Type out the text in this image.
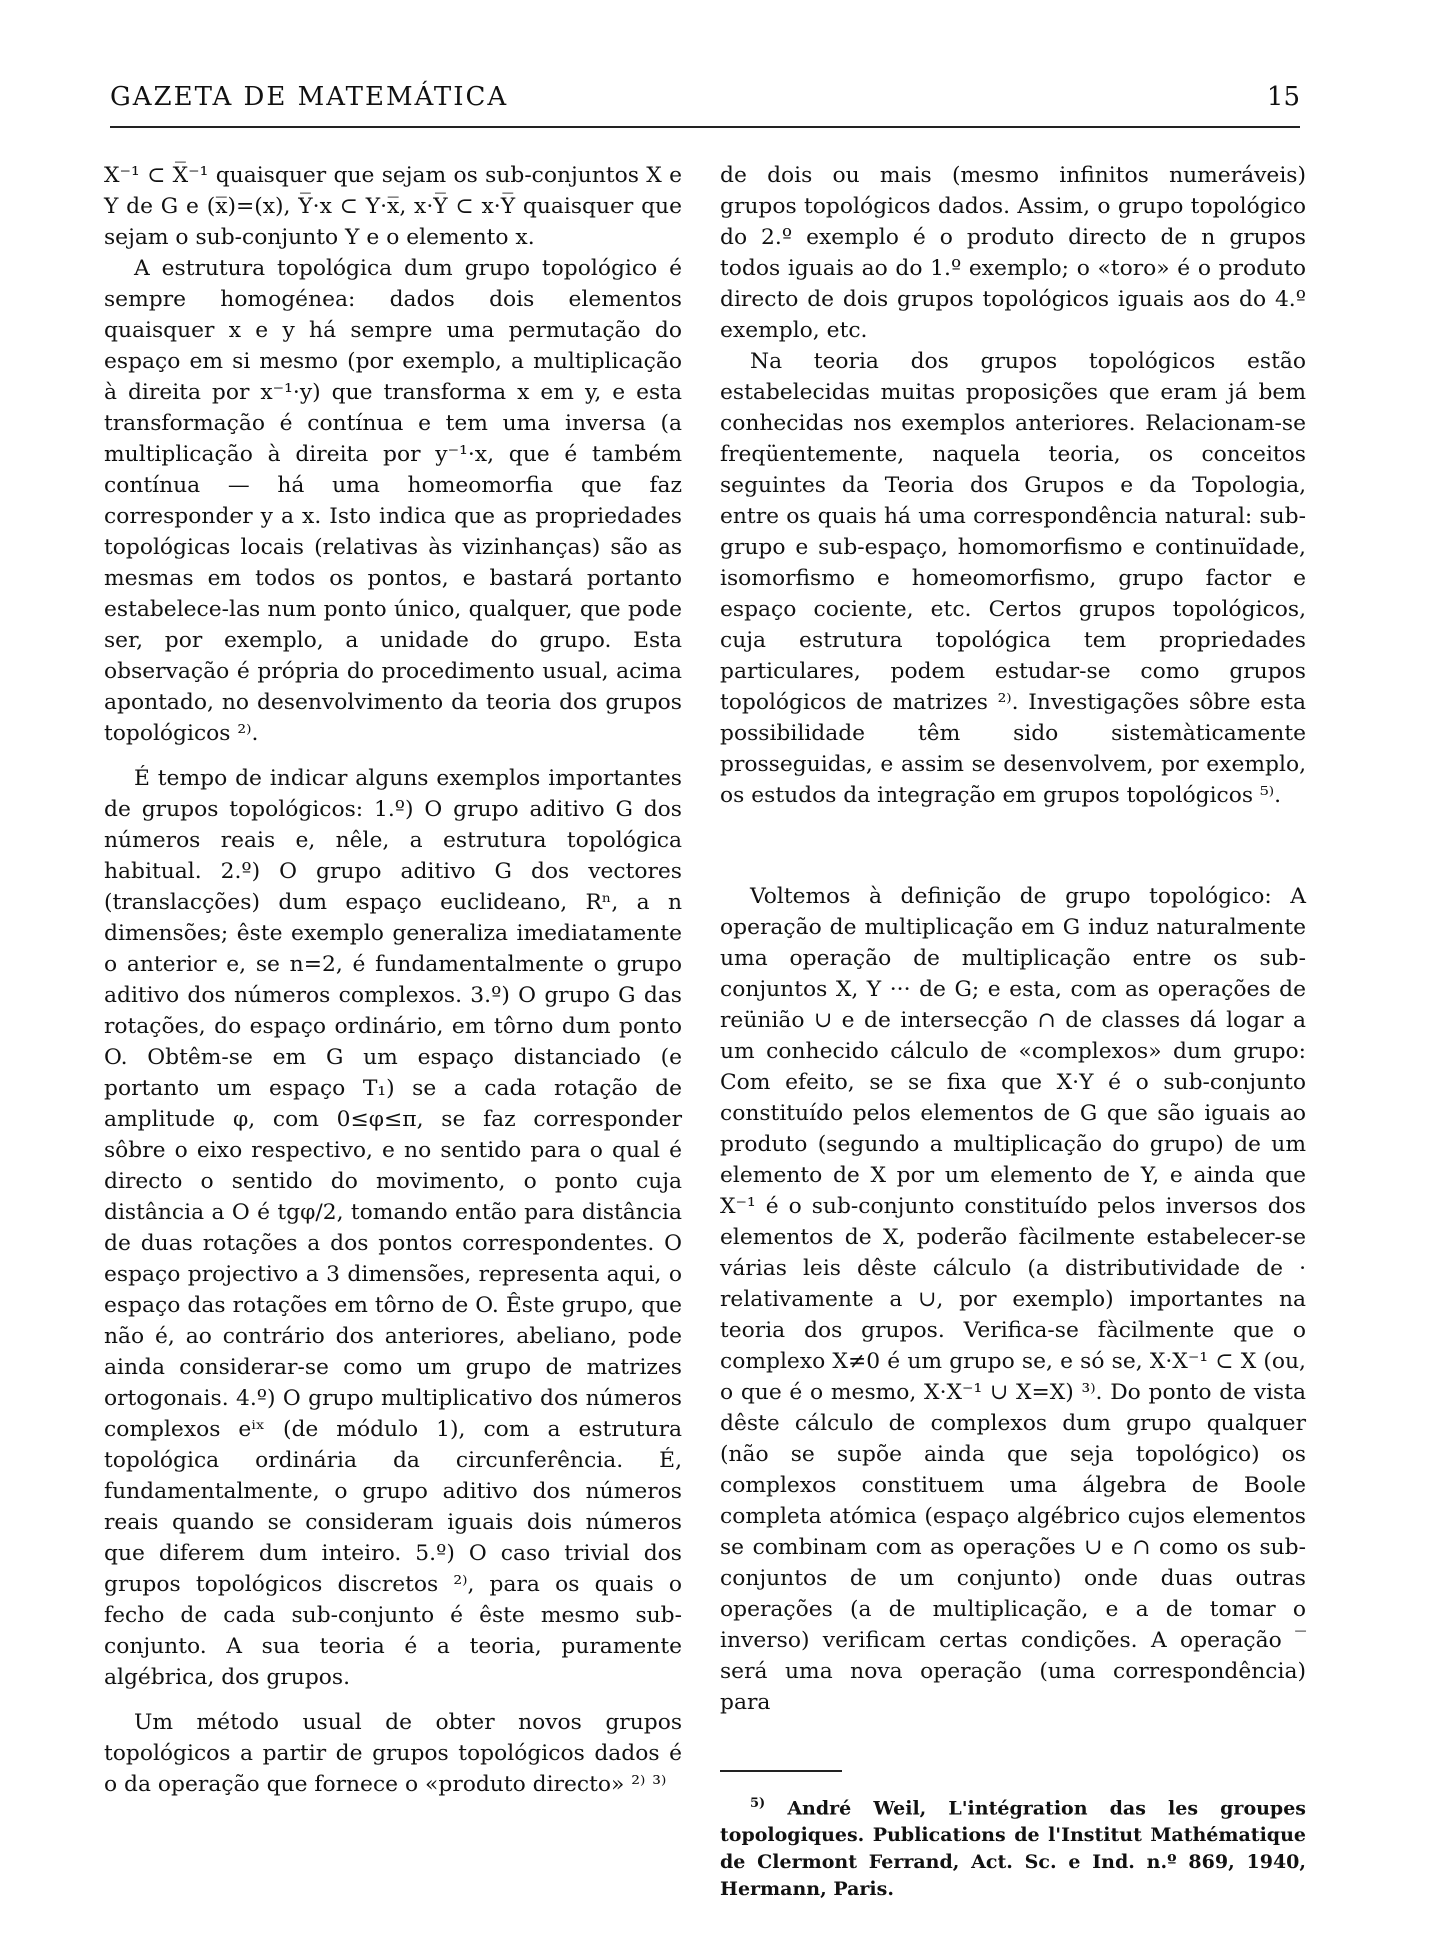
GAZETA DE MATEMÁTICA	15

X⁻¹ ⊂ X̅⁻¹ quaisquer que sejam os sub-conjuntos X e Y de G e (x̅)=(x), Y̅·x ⊂ Y·x̅, x·Y̅ ⊂ x·Y̅ quaisquer que sejam o sub-conjunto Y e o elemento x.

A estrutura topológica dum grupo topológico é sempre homogénea: dados dois elementos quaisquer x e y há sempre uma permutação do espaço em si mesmo (por exemplo, a multiplicação à direita por x⁻¹·y) que transforma x em y, e esta transformação é contínua e tem uma inversa (a multiplicação à direita por y⁻¹·x, que é também contínua — há uma homeomorfia que faz corresponder y a x. Isto indica que as propriedades topológicas locais (relativas às vizinhanças) são as mesmas em todos os pontos, e bastará portanto estabelece-las num ponto único, qualquer, que pode ser, por exemplo, a unidade do grupo. Esta observação é própria do procedimento usual, acima apontado, no desenvolvimento da teoria dos grupos topológicos ²⁾.

É tempo de indicar alguns exemplos importantes de grupos topológicos: 1.º) O grupo aditivo G dos números reais e, nêle, a estrutura topológica habitual. 2.º) O grupo aditivo G dos vectores (translacções) dum espaço euclideano, Rⁿ, a n dimensões; êste exemplo generaliza imediatamente o anterior e, se n=2, é fundamentalmente o grupo aditivo dos números complexos. 3.º) O grupo G das rotações, do espaço ordinário, em tôrno dum ponto O. Obtêm-se em G um espaço distanciado (e portanto um espaço T₁) se a cada rotação de amplitude φ, com 0≤φ≤π, se faz corresponder sôbre o eixo respectivo, e no sentido para o qual é directo o sentido do movimento, o ponto cuja distância a O é tgφ/2, tomando então para distância de duas rotações a dos pontos correspondentes. O espaço projectivo a 3 dimensões, representa aqui, o espaço das rotações em tôrno de O. Êste grupo, que não é, ao contrário dos anteriores, abeliano, pode ainda considerar-se como um grupo de matrizes ortogonais. 4.º) O grupo multiplicativo dos números complexos eⁱˣ (de módulo 1), com a estrutura topológica ordinária da circunferência. É, fundamentalmente, o grupo aditivo dos números reais quando se consideram iguais dois números que diferem dum inteiro. 5.º) O caso trivial dos grupos topológicos discretos ²⁾, para os quais o fecho de cada sub-conjunto é êste mesmo sub-conjunto. A sua teoria é a teoria, puramente algébrica, dos grupos.

Um método usual de obter novos grupos topológicos a partir de grupos topológicos dados é o da operação que fornece o «produto directo» ²⁾ ³⁾

de dois ou mais (mesmo infinitos numeráveis) grupos topológicos dados. Assim, o grupo topológico do 2.º exemplo é o produto directo de n grupos todos iguais ao do 1.º exemplo; o «toro» é o produto directo de dois grupos topológicos iguais aos do 4.º exemplo, etc.

Na teoria dos grupos topológicos estão estabelecidas muitas proposições que eram já bem conhecidas nos exemplos anteriores. Relacionam-se freqüentemente, naquela teoria, os conceitos seguintes da Teoria dos Grupos e da Topologia, entre os quais há uma correspondência natural: sub-grupo e sub-espaço, homomorfismo e continuïdade, isomorfismo e homeomorfismo, grupo factor e espaço cociente, etc. Certos grupos topológicos, cuja estrutura topológica tem propriedades particulares, podem estudar-se como grupos topológicos de matrizes ²⁾. Investigações sôbre esta possibilidade têm sido sistemàticamente prosseguidas, e assim se desenvolvem, por exemplo, os estudos da integração em grupos topológicos ⁵⁾.

Voltemos à definição de grupo topológico: A operação de multiplicação em G induz naturalmente uma operação de multiplicação entre os sub-conjuntos X, Y ··· de G; e esta, com as operações de reünião ∪ e de intersecção ∩ de classes dá logar a um conhecido cálculo de «complexos» dum grupo: Com efeito, se se fixa que X·Y é o sub-conjunto constituído pelos elementos de G que são iguais ao produto (segundo a multiplicação do grupo) de um elemento de X por um elemento de Y, e ainda que X⁻¹ é o sub-conjunto constituído pelos inversos dos elementos de X, poderão fàcilmente estabelecer-se várias leis dêste cálculo (a distributividade de · relativamente a ∪, por exemplo) importantes na teoria dos grupos. Verifica-se fàcilmente que o complexo X≠0 é um grupo se, e só se, X·X⁻¹ ⊂ X (ou, o que é o mesmo, X·X⁻¹ ∪ X=X) ³⁾. Do ponto de vista dêste cálculo de complexos dum grupo qualquer (não se supõe ainda que seja topológico) os complexos constituem uma álgebra de Boole completa atómica (espaço algébrico cujos elementos se combinam com as operações ∪ e ∩ como os sub-conjuntos de um conjunto) onde duas outras operações (a de multiplicação, e a de tomar o inverso) verificam certas condições. A operação ‾ será uma nova operação (uma correspondência) para

$^{5)}$ André Weil, L'intégration das les groupes topologiques. Publications de l'Institut Mathématique de Clermont Ferrand, Act. Sc. e Ind. n.º 869, 1940, Hermann, Paris.
